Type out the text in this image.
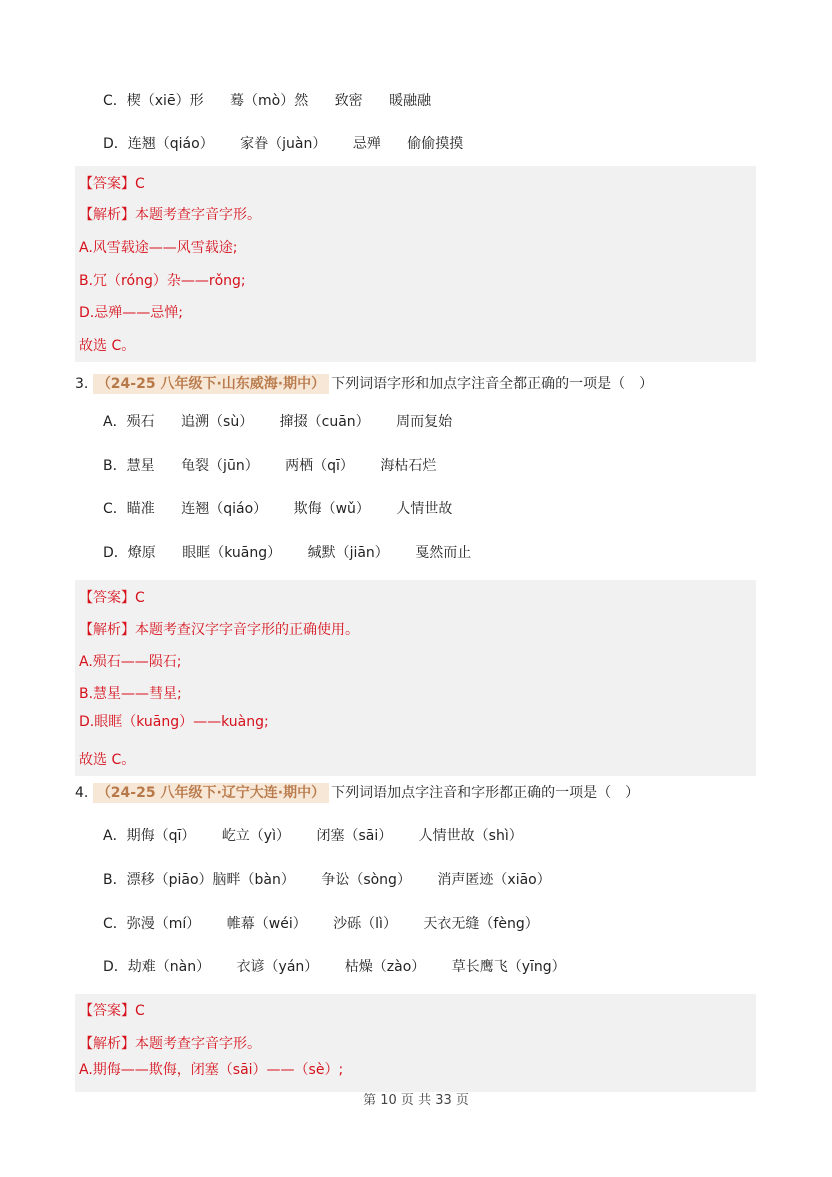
C．楔（xiē）形 蓦（mò）然 致密 暖融融
D．连翘（qiáo） 家眷（juàn） 忌殚 偷偷摸摸
【答案】C
【解析】本题考查字音字形。
A.风雪载途——风雪载途;
B.冗（róng）杂——rǒng;
D.忌殚——忌惮;
故选 C。
3. （24-25 八年级下·山东威海·期中） 下列词语字形和加点字注音全都正确的一项是（　）
A．殒石 追溯（sù） 撺掇（cuān） 周而复始
B．慧星 龟裂（jūn） 两栖（qī） 海枯石烂
C．瞄准 连翘（qiáo） 欺侮（wǔ） 人情世故
D．燎原 眼眶（kuāng） 缄默（jiān） 戛然而止
【答案】C
【解析】本题考查汉字字音字形的正确使用。
A.殒石——陨石;
B.慧星——彗星;
D.眼眶（kuāng）——kuàng;
故选 C。
4. （24-25 八年级下·辽宁大连·期中） 下列词语加点字注音和字形都正确的一项是（　）
A．期侮（qī） 屹立（yì） 闭塞（sāi） 人情世故（shì）
B．漂移（piāo）脑畔（bàn） 争讼（sòng） 消声匿迹（xiāo）
C．弥漫（mí） 帷幕（wéi） 沙砾（lì） 天衣无缝（fèng）
D．劫难（nàn） 衣谚（yán） 枯燥（zào） 草长鹰飞（yīng）
【答案】C
【解析】本题考查字音字形。
A.期侮——欺侮，闭塞（sāi）——（sè）;
第 10 页 共 33 页
